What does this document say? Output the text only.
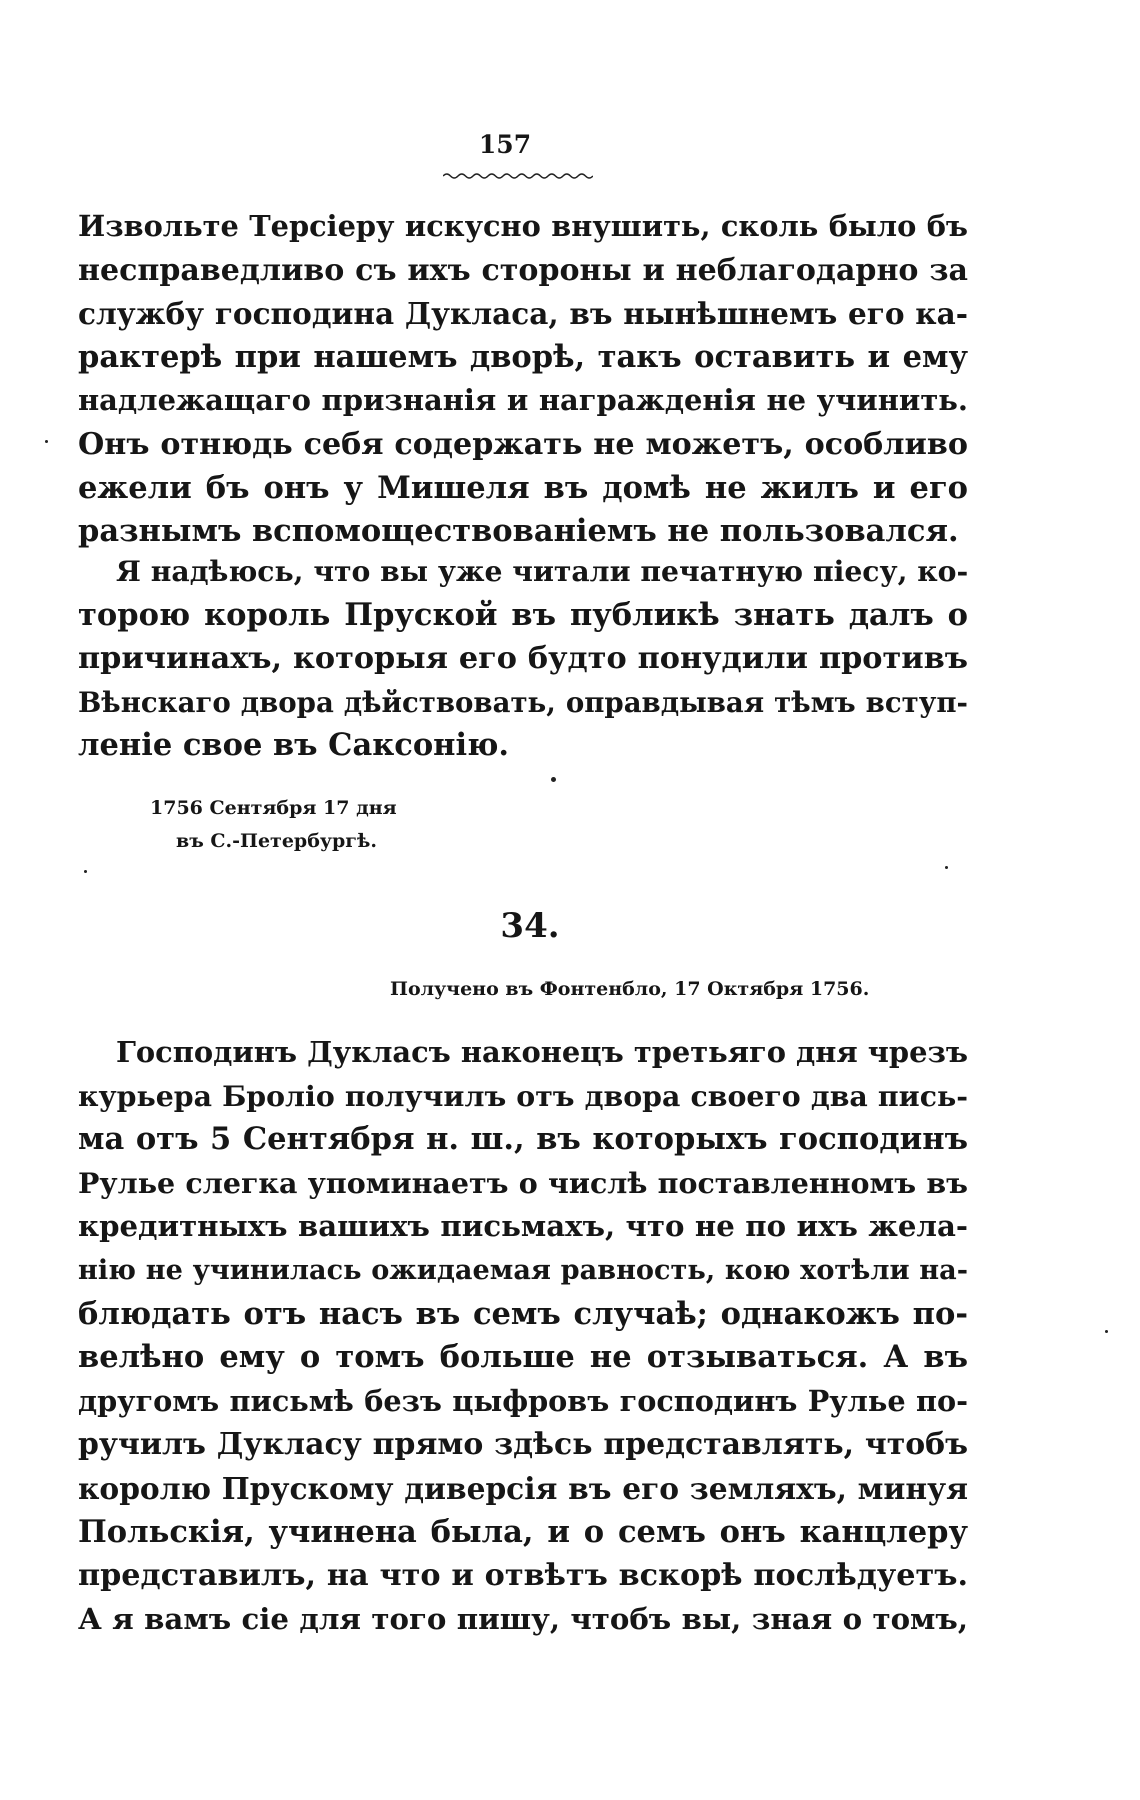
157

Извольте Терсіеру искусно внушить, сколь было бъ
несправедливо съ ихъ стороны и неблагодарно за
службу господина Дукласа, въ нынѣшнемъ его ка-
рактерѣ при нашемъ дворѣ, такъ оставить и ему
надлежащаго признанія и награжденія не учинить.
Онъ отнюдь себя содержать не можетъ, особливо
ежели бъ онъ у Мишеля въ домѣ не жилъ и его
разнымъ вспомоществованіемъ не пользовался.

Я надѣюсь, что вы уже читали печатную піесу, ко-
торою король Пруской въ публикѣ знать далъ о
причинахъ, которыя его будто понудили противъ
Вѣнскаго двора дѣйствовать, оправдывая тѣмъ вступ-
леніе свое въ Саксонію.

1756 Сентября 17 дня
въ С.-Петербургѣ.
34.
Получено въ Фонтенбло, 17 Октября 1756.

Господинъ Дукласъ наконецъ третьяго дня чрезъ
курьера Броліо получилъ отъ двора своего два пись-
ма отъ 5 Сентября н. ш., въ которыхъ господинъ
Рулье слегка упоминаетъ о числѣ поставленномъ въ
кредитныхъ вашихъ письмахъ, что не по ихъ жела-
нію не учинилась ожидаемая равность, кою хотѣли на-
блюдать отъ насъ въ семъ случаѣ; однакожъ по-
велѣно ему о томъ больше не отзываться. А въ
другомъ письмѣ безъ цыфровъ господинъ Рулье по-
ручилъ Дукласу прямо здѣсь представлять, чтобъ
королю Прускому диверсія въ его земляхъ, минуя
Польскія, учинена была, и о семъ онъ канцлеру
представилъ, на что и отвѣтъ вскорѣ послѣдуетъ.
А я вамъ сіе для того пишу, чтобъ вы, зная о томъ,
